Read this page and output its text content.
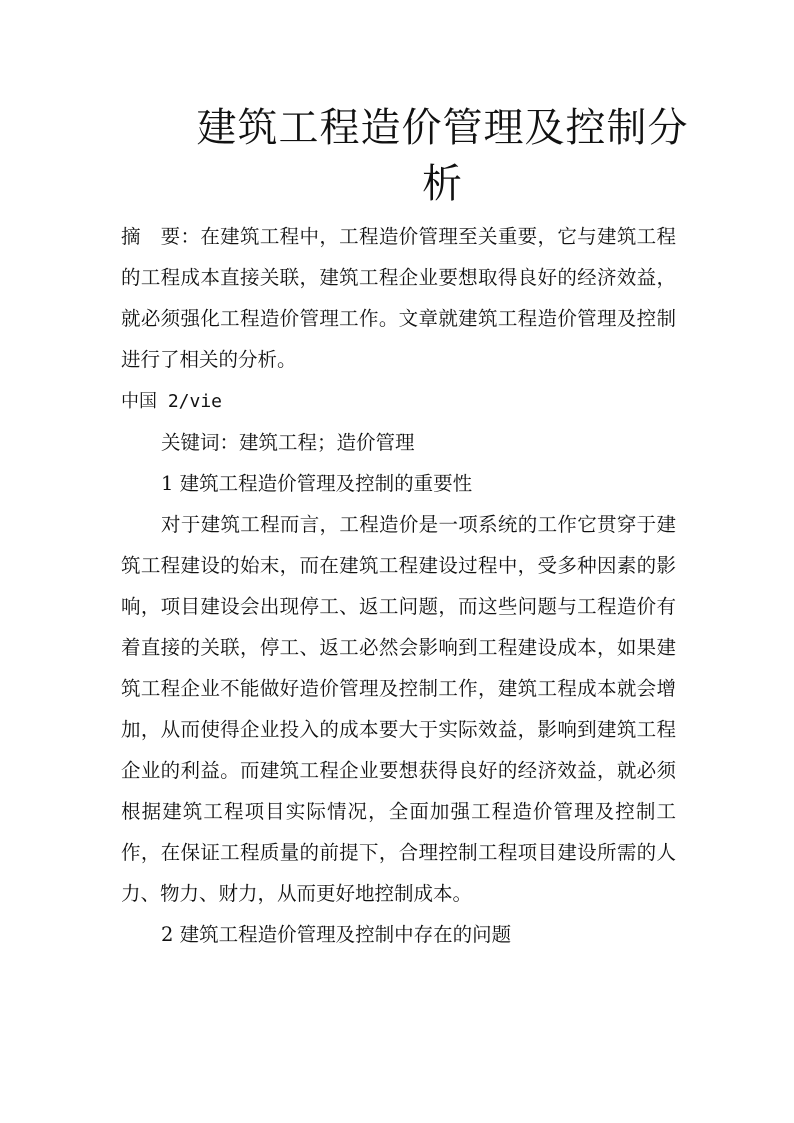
建筑工程造价管理及控制分
析

摘　要：在建筑工程中，工程造价管理至关重要，它与建筑工程的工程成本直接关联，建筑工程企业要想取得良好的经济效益，就必须强化工程造价管理工作。文章就建筑工程造价管理及控制进行了相关的分析。

中国 2/vie

关键词：建筑工程；造价管理

1 建筑工程造价管理及控制的重要性

对于建筑工程而言，工程造价是一项系统的工作它贯穿于建筑工程建设的始末，而在建筑工程建设过程中，受多种因素的影响，项目建设会出现停工、返工问题，而这些问题与工程造价有着直接的关联，停工、返工必然会影响到工程建设成本，如果建筑工程企业不能做好造价管理及控制工作，建筑工程成本就会增加，从而使得企业投入的成本要大于实际效益，影响到建筑工程企业的利益。而建筑工程企业要想获得良好的经济效益，就必须根据建筑工程项目实际情况，全面加强工程造价管理及控制工作，在保证工程质量的前提下，合理控制工程项目建设所需的人力、物力、财力，从而更好地控制成本。

2 建筑工程造价管理及控制中存在的问题
